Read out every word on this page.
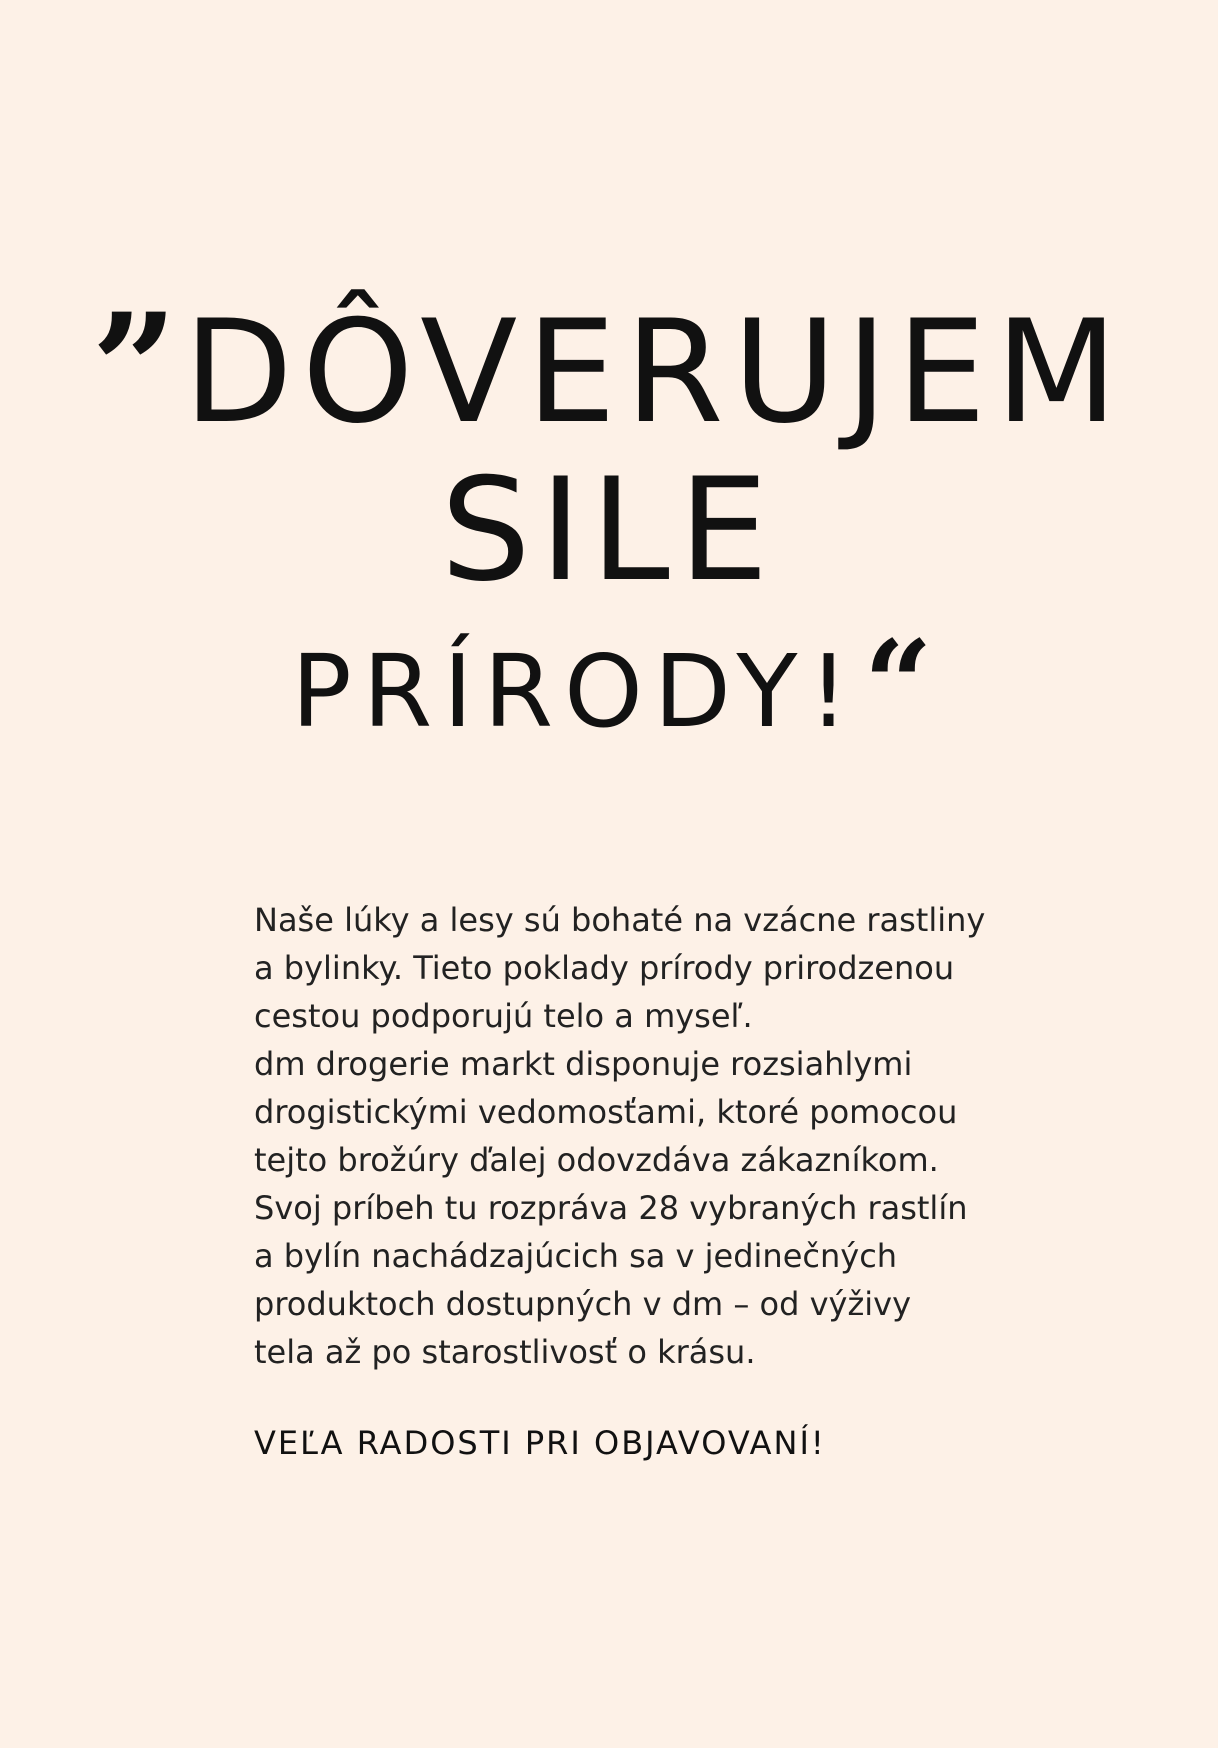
”DÔVERUJEM
SILE
PRÍRODY!“

Naše lúky a lesy sú bohaté na vzácne rastliny
a bylinky. Tieto poklady prírody prirodzenou
cestou podporujú telo a myseľ.
dm drogerie markt disponuje rozsiahlymi
drogistickými vedomosťami, ktoré pomocou
tejto brožúry ďalej odovzdáva zákazníkom.
Svoj príbeh tu rozpráva 28 vybraných rastlín
a bylín nachádzajúcich sa v jedinečných
produktoch dostupných v dm – od výživy
tela až po starostlivosť o krásu.

VEĽA RADOSTI PRI OBJAVOVANÍ!
